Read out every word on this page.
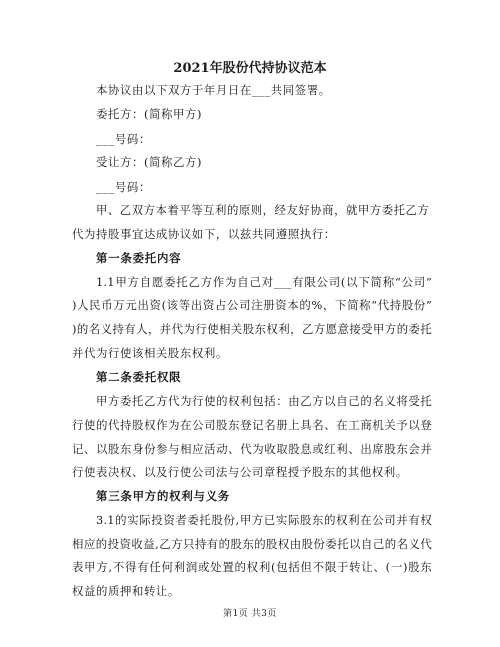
2021年股份代持协议范本
本协议由以下双方于年月日在___共同签署。
委托方：(简称甲方)
___号码：
受让方：(简称乙方)
___号码：
甲、乙双方本着平等互利的原则，经友好协商，就甲方委托乙方
代为持股事宜达成协议如下，以兹共同遵照执行：
第一条委托内容
1.1甲方自愿委托乙方作为自己对___有限公司(以下简称“公司”
)人民币万元出资(该等出资占公司注册资本的%，下简称“代持股份”
)的名义持有人，并代为行使相关股东权利，乙方愿意接受甲方的委托
并代为行使该相关股东权利。
第二条委托权限
甲方委托乙方代为行使的权利包括：由乙方以自己的名义将受托
行使的代持股权作为在公司股东登记名册上具名、在工商机关予以登
记、以股东身份参与相应活动、代为收取股息或红利、出席股东会并
行使表决权、以及行使公司法与公司章程授予股东的其他权利。
第三条甲方的权利与义务
3.1的实际投资者委托股份,甲方已实际股东的权利在公司并有权
相应的投资收益,乙方只持有的股东的股权由股份委托以自己的名义代
表甲方,不得有任何利润或处置的权利(包括但不限于转让、(一)股东
权益的质押和转让。
第1页 共3页
